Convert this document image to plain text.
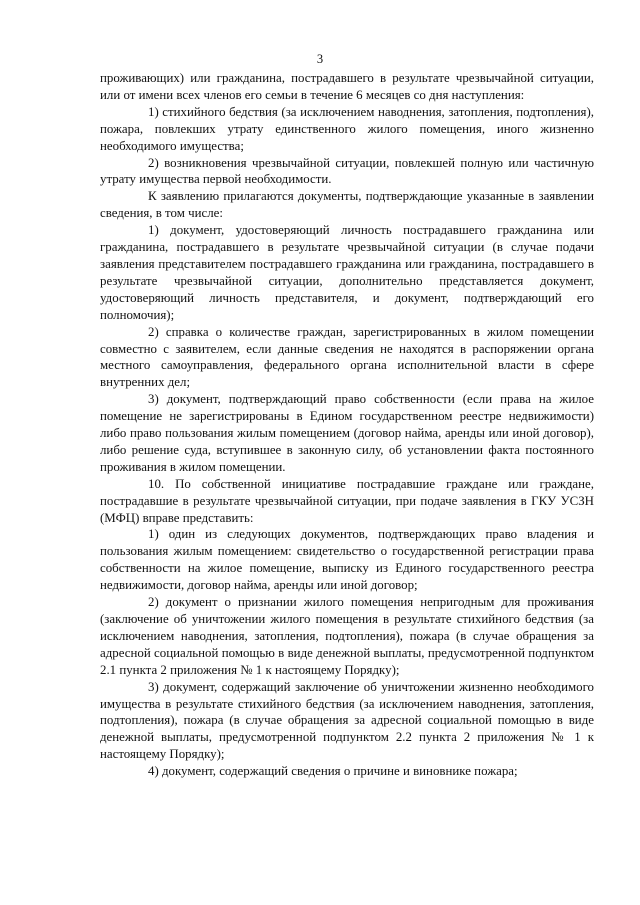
3

проживающих) или гражданина, пострадавшего в результате чрезвычайной ситуации, или от имени всех членов его семьи в течение 6 месяцев со дня наступления:

1) стихийного бедствия (за исключением наводнения, затопления, подтопления), пожара, повлекших утрату единственного жилого помещения, иного жизненно необходимого имущества;

2) возникновения чрезвычайной ситуации, повлекшей полную или частичную утрату имущества первой необходимости.

К заявлению прилагаются документы, подтверждающие указанные в заявлении сведения, в том числе:

1) документ, удостоверяющий личность пострадавшего гражданина или гражданина, пострадавшего в результате чрезвычайной ситуации (в случае подачи заявления представителем пострадавшего гражданина или гражданина, пострадавшего в результате чрезвычайной ситуации, дополнительно представляется документ, удостоверяющий личность представителя, и документ, подтверждающий его полномочия);

2) справка о количестве граждан, зарегистрированных в жилом помещении совместно с заявителем, если данные сведения не находятся в распоряжении органа местного самоуправления, федерального органа исполнительной власти в сфере внутренних дел;

3) документ, подтверждающий право собственности (если права на жилое помещение не зарегистрированы в Едином государственном реестре недвижимости) либо право пользования жилым помещением (договор найма, аренды или иной договор), либо решение суда, вступившее в законную силу, об установлении факта постоянного проживания в жилом помещении.

10. По собственной инициативе пострадавшие граждане или граждане, пострадавшие в результате чрезвычайной ситуации, при подаче заявления в ГКУ УСЗН (МФЦ) вправе представить:

1) один из следующих документов, подтверждающих право владения и пользования жилым помещением: свидетельство о государственной регистрации права собственности на жилое помещение, выписку из Единого государственного реестра недвижимости, договор найма, аренды или иной договор;

2) документ о признании жилого помещения непригодным для проживания (заключение об уничтожении жилого помещения в результате стихийного бедствия (за исключением наводнения, затопления, подтопления), пожара (в случае обращения за адресной социальной помощью в виде денежной выплаты, предусмотренной подпунктом 2.1 пункта 2 приложения № 1 к настоящему Порядку);

3) документ, содержащий заключение об уничтожении жизненно необходимого имущества в результате стихийного бедствия (за исключением наводнения, затопления, подтопления), пожара (в случае обращения за адресной социальной помощью в виде денежной выплаты, предусмотренной подпунктом 2.2 пункта 2 приложения № 1 к настоящему Порядку);

4) документ, содержащий сведения о причине и виновнике пожара;
